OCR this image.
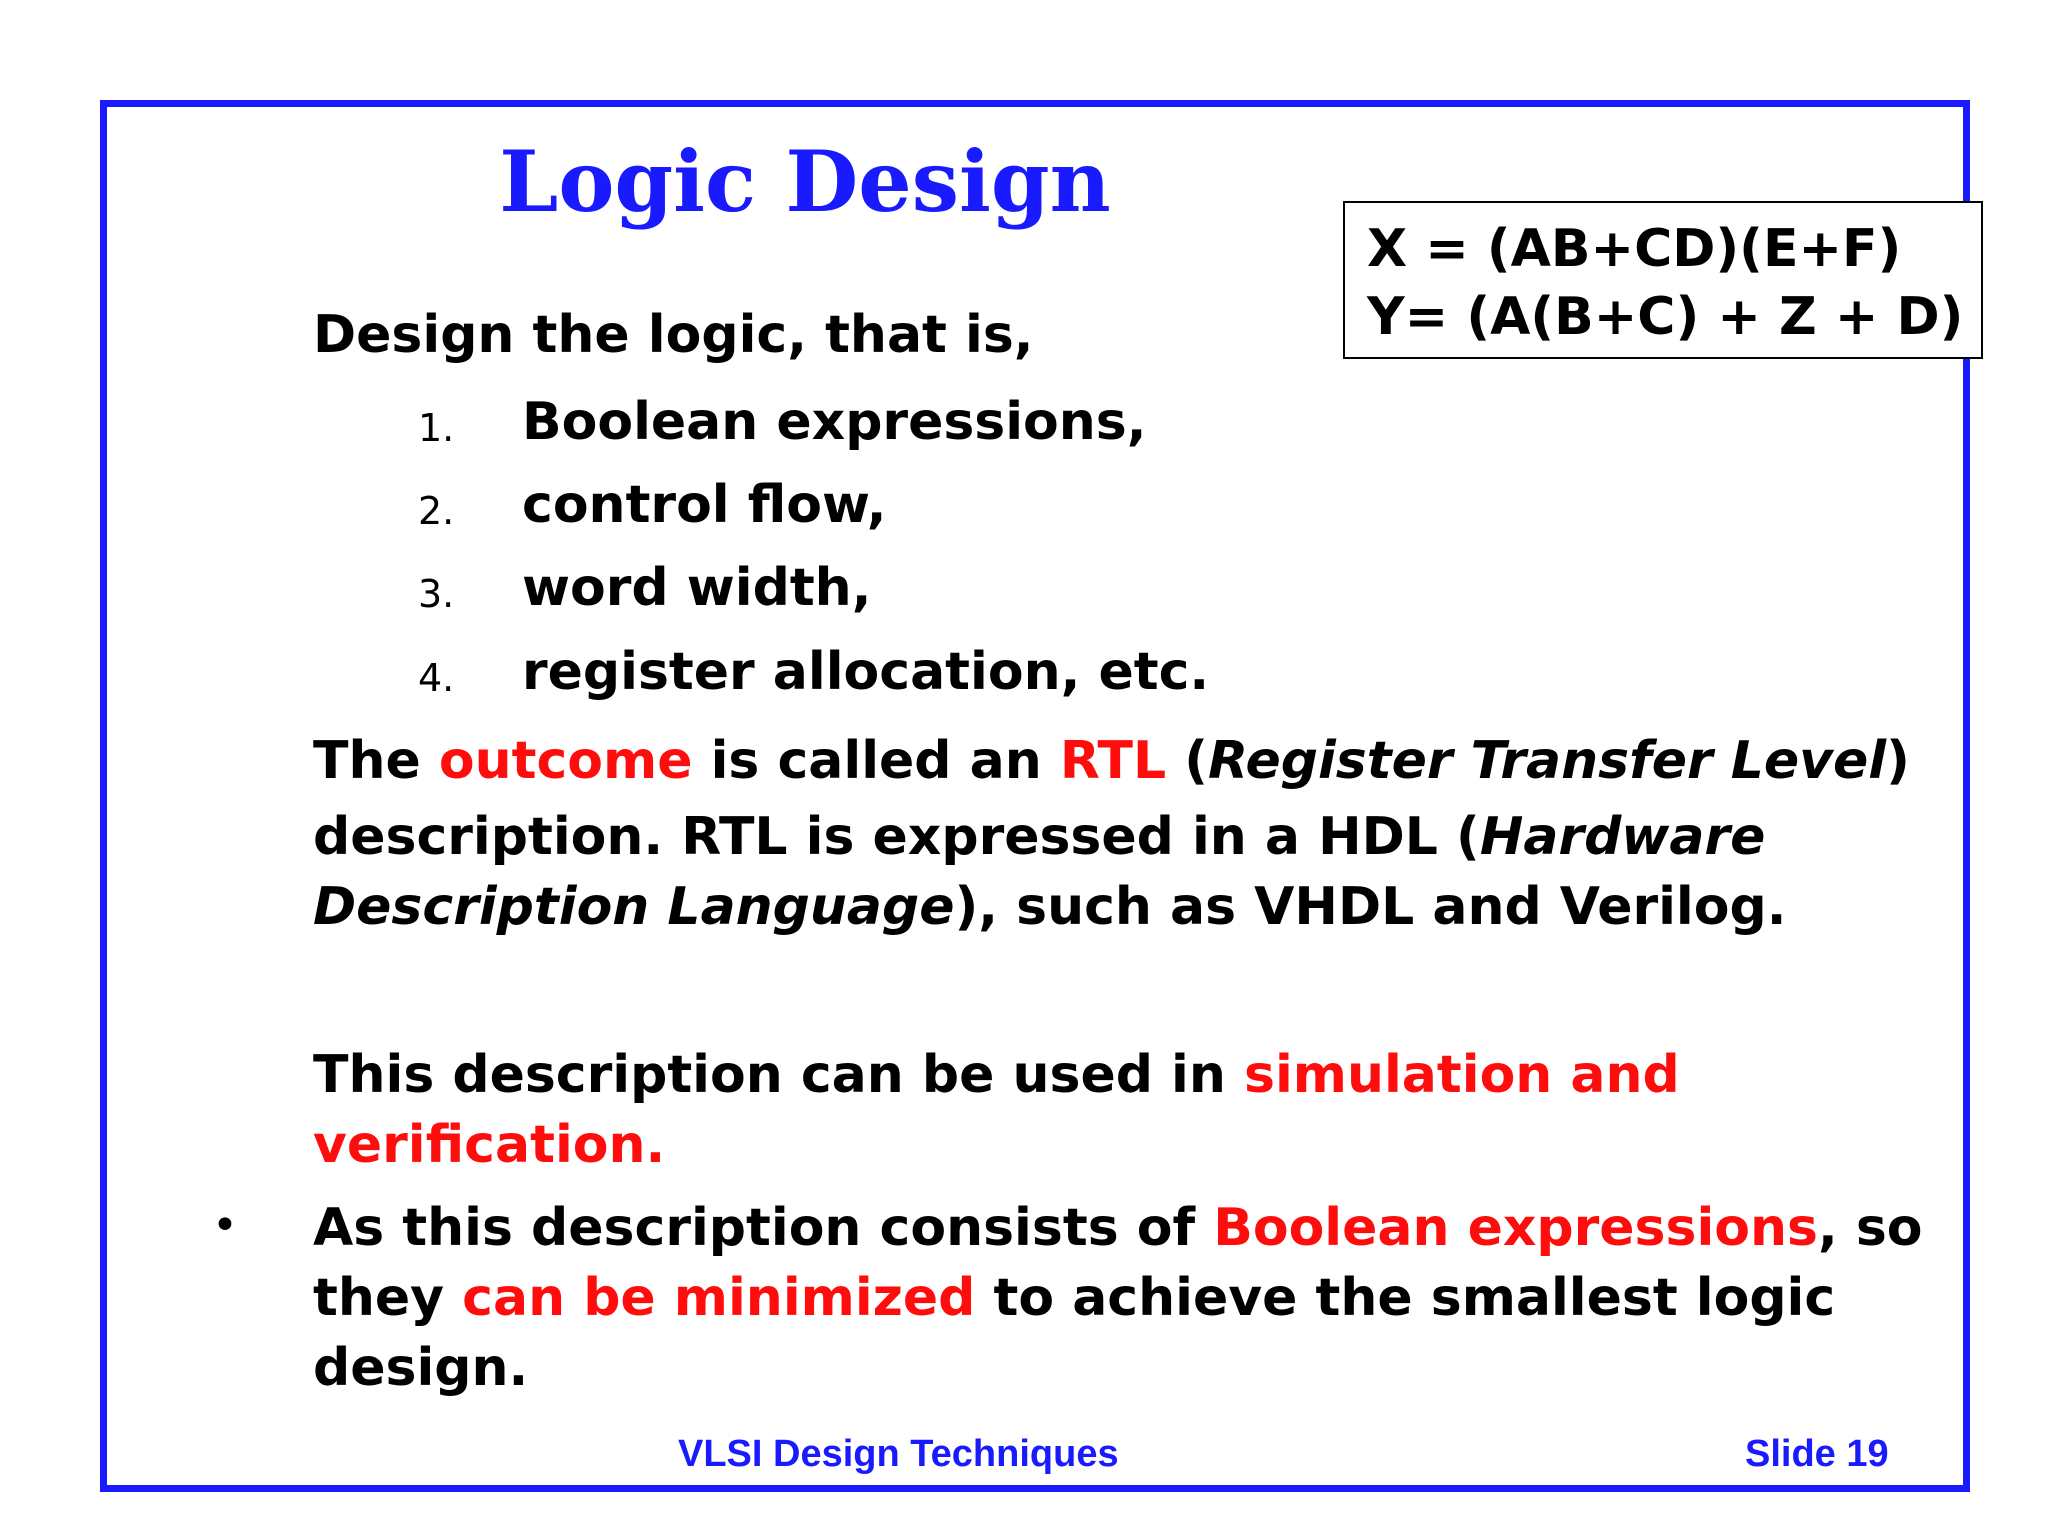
Logic Design
X = (AB+CD)(E+F)
Y= (A(B+C) + Z + D)
Design the logic, that is,
1. Boolean expressions,
2. control flow,
3. word width,
4. register allocation, etc.
The outcome is called an RTL (Register Transfer Level)
description. RTL is expressed in a HDL (Hardware
Description Language), such as VHDL and Verilog.
This description can be used in simulation and
verification.
• As this description consists of Boolean expressions, so
they can be minimized to achieve the smallest logic
design.
VLSI Design Techniques	Slide 19
